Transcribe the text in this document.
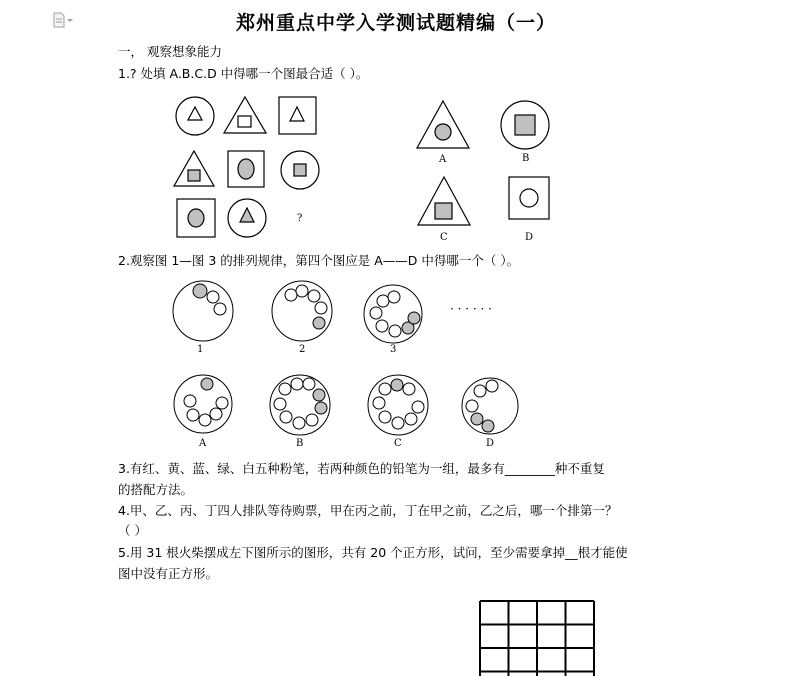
郑州重点中学入学测试题精编（一）
一， 观察想象能力
1.? 处填 A.B.C.D 中得哪一个图最合适（ ）。
?
A	B
C	D
2.观察图 1—图 3 的排列规律，第四个图应是 A——D 中得哪一个（ ）。
· · · · · ·
1	2	3
A	B	C	D
3.有红、黄、蓝、绿、白五种粉笔，若两种颜色的铅笔为一组，最多有________种不重复
的搭配方法。
4.甲、乙、丙、丁四人排队等待购票，甲在丙之前，丁在甲之前，乙之后，哪一个排第一？
（ ）
5.用 31 根火柴摆成左下图所示的图形，共有 20 个正方形，试问，至少需要拿掉__根才能使
图中没有正方形。
